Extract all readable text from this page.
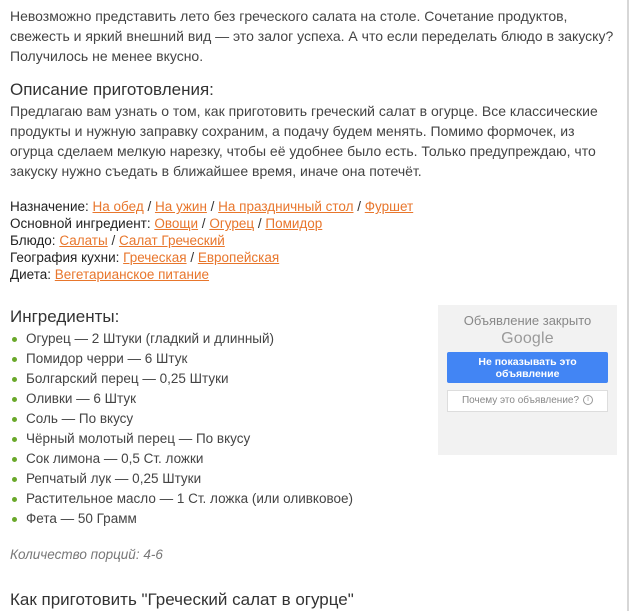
Невозможно представить лето без греческого салата на столе. Сочетание продуктов, свежесть и яркий внешний вид — это залог успеха. А что если переделать блюдо в закуску? Получилось не менее вкусно.

Описание приготовления:
Предлагаю вам узнать о том, как приготовить греческий салат в огурце. Все классические продукты и нужную заправку сохраним, а подачу будем менять. Помимо формочек, из огурца сделаем мелкую нарезку, чтобы её удобнее было есть. Только предупреждаю, что закуску нужно съедать в ближайшее время, иначе она потечёт.
Назначение: На обед / На ужин / На праздничный стол / Фуршет
Основной ингредиент: Овощи / Огурец / Помидор
Блюдо: Салаты / Салат Греческий
География кухни: Греческая / Европейская
Диета: Вегетарианское питание
Ингредиенты:
Огурец — 2 Штуки (гладкий и длинный)
Помидор черри — 6 Штук
Болгарский перец — 0,25 Штуки
Оливки — 6 Штук
Соль — По вкусу
Чёрный молотый перец — По вкусу
Сок лимона — 0,5 Ст. ложки
Репчатый лук — 0,25 Штуки
Растительное масло — 1 Ст. ложка (или оливковое)
Фета — 50 Грамм
Количество порций: 4-6
Как приготовить "Греческий салат в огурце"
Объявление закрыто
Google
Не показывать это объявление
Почему это объявление? i
